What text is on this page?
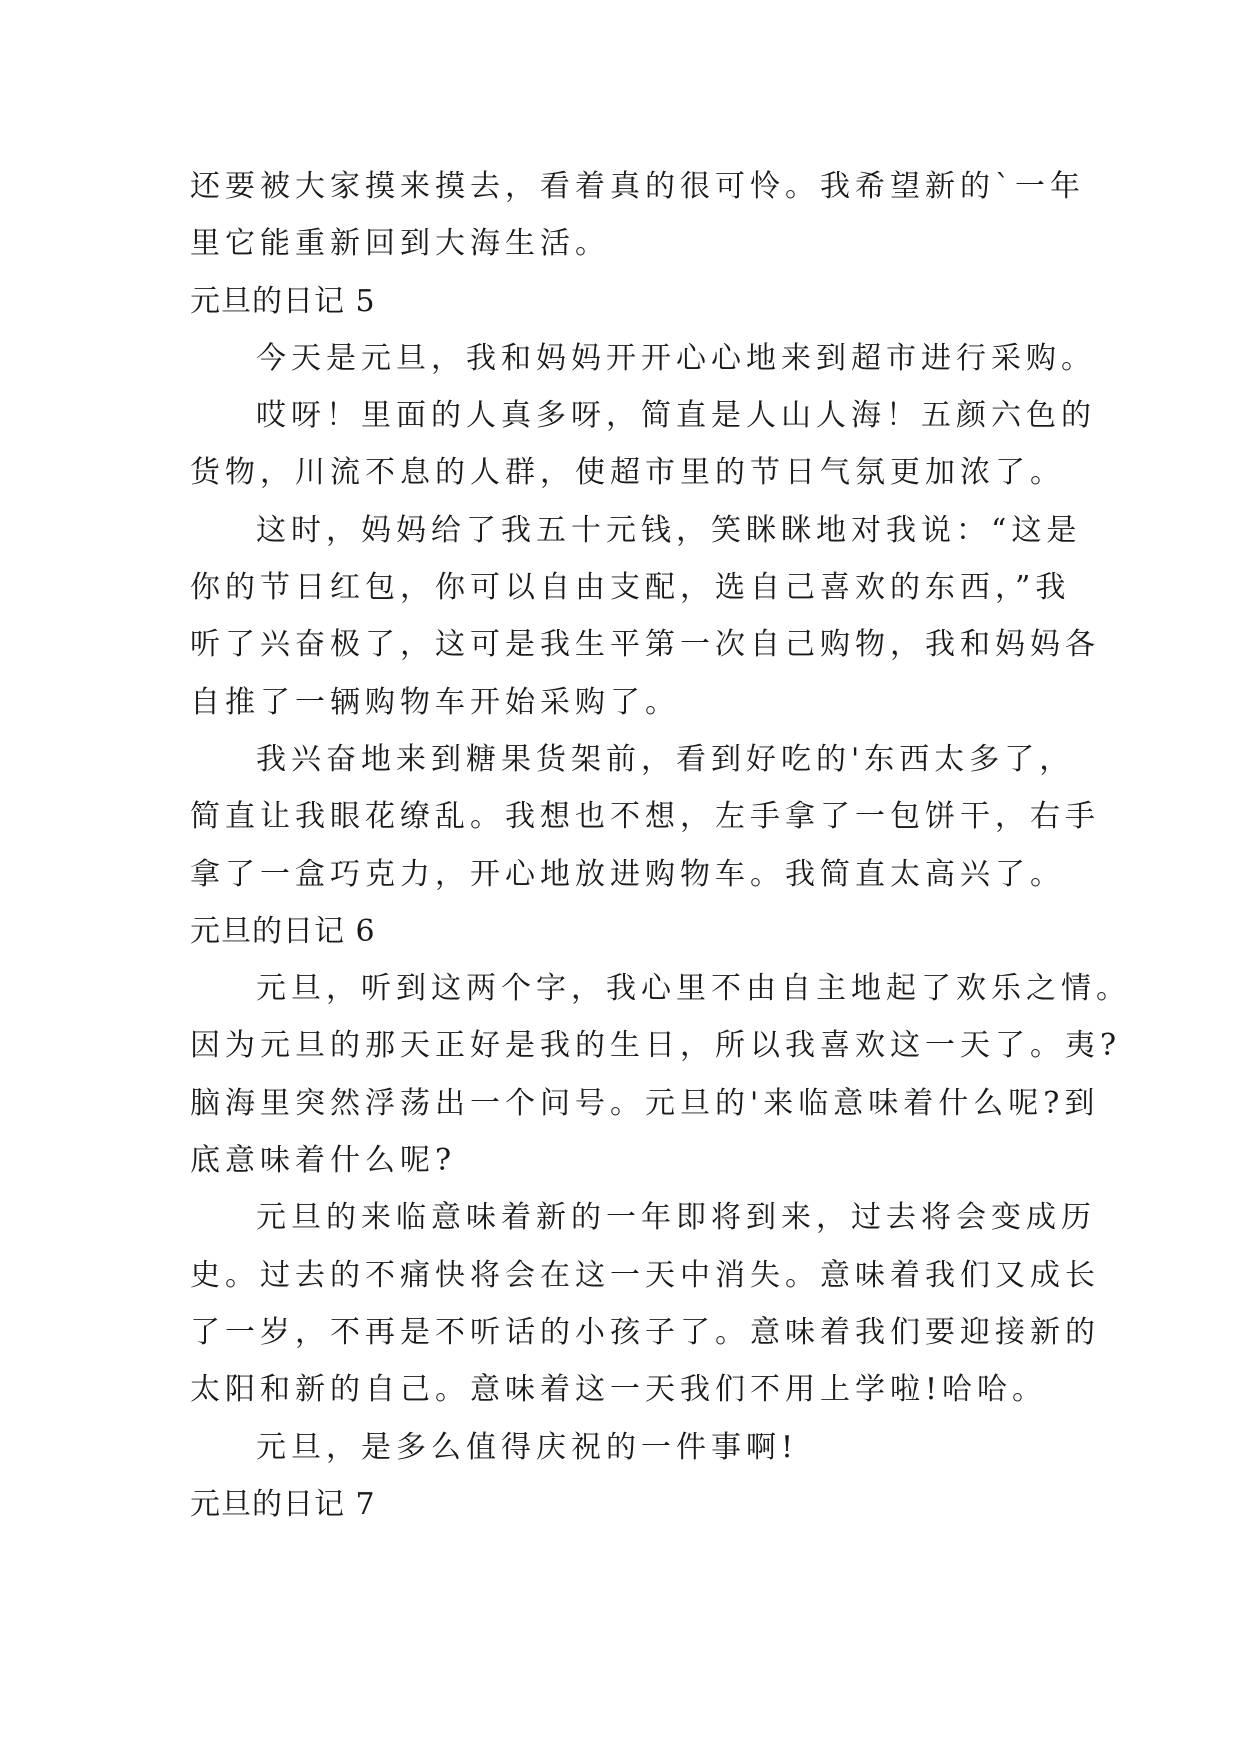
还要被大家摸来摸去，看着真的很可怜。我希望新的`一年
里它能重新回到大海生活。
元旦的日记 5
今天是元旦，我和妈妈开开心心地来到超市进行采购。
哎呀！里面的人真多呀，简直是人山人海！五颜六色的
货物，川流不息的人群，使超市里的节日气氛更加浓了。
这时，妈妈给了我五十元钱，笑眯眯地对我说：“这是
你的节日红包，你可以自由支配，选自己喜欢的东西，”我
听了兴奋极了，这可是我生平第一次自己购物，我和妈妈各
自推了一辆购物车开始采购了。
我兴奋地来到糖果货架前，看到好吃的'东西太多了，
简直让我眼花缭乱。我想也不想，左手拿了一包饼干，右手
拿了一盒巧克力，开心地放进购物车。我简直太高兴了。
元旦的日记 6
元旦，听到这两个字，我心里不由自主地起了欢乐之情。
因为元旦的那天正好是我的生日，所以我喜欢这一天了。夷?
脑海里突然浮荡出一个问号。元旦的'来临意味着什么呢?到
底意味着什么呢?
元旦的来临意味着新的一年即将到来，过去将会变成历
史。过去的不痛快将会在这一天中消失。意味着我们又成长
了一岁，不再是不听话的小孩子了。意味着我们要迎接新的
太阳和新的自己。意味着这一天我们不用上学啦!哈哈。
元旦，是多么值得庆祝的一件事啊!
元旦的日记 7
